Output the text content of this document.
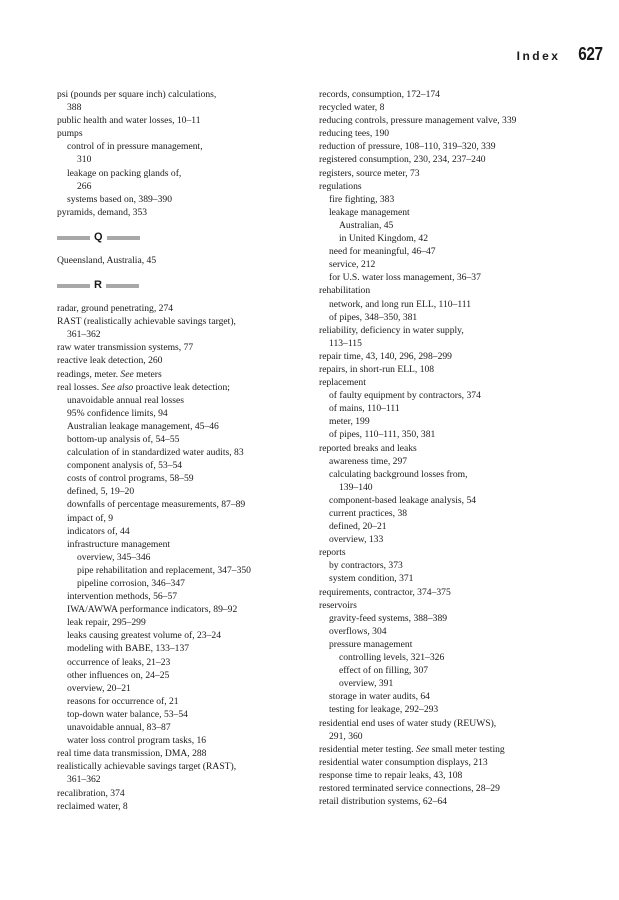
Index 627

psi (pounds per square inch) calculations,

388

public health and water losses, 10–11

pumps

control of in pressure management,

310

leakage on packing glands of,

266

systems based on, 389–390

pyramids, demand, 353

Q

Queensland, Australia, 45

R

radar, ground penetrating, 274

RAST (realistically achievable savings target),

361–362

raw water transmission systems, 77

reactive leak detection, 260

readings, meter. See meters

real losses. See also proactive leak detection;

unavoidable annual real losses

95% confidence limits, 94

Australian leakage management, 45–46

bottom-up analysis of, 54–55

calculation of in standardized water audits, 83

component analysis of, 53–54

costs of control programs, 58–59

defined, 5, 19–20

downfalls of percentage measurements, 87–89

impact of, 9

indicators of, 44

infrastructure management

overview, 345–346

pipe rehabilitation and replacement, 347–350

pipeline corrosion, 346–347

intervention methods, 56–57

IWA/AWWA performance indicators, 89–92

leak repair, 295–299

leaks causing greatest volume of, 23–24

modeling with BABE, 133–137

occurrence of leaks, 21–23

other influences on, 24–25

overview, 20–21

reasons for occurrence of, 21

top-down water balance, 53–54

unavoidable annual, 83–87

water loss control program tasks, 16

real time data transmission, DMA, 288

realistically achievable savings target (RAST),

361–362

recalibration, 374

reclaimed water, 8

records, consumption, 172–174

recycled water, 8

reducing controls, pressure management valve, 339

reducing tees, 190

reduction of pressure, 108–110, 319–320, 339

registered consumption, 230, 234, 237–240

registers, source meter, 73

regulations

fire fighting, 383

leakage management

Australian, 45

in United Kingdom, 42

need for meaningful, 46–47

service, 212

for U.S. water loss management, 36–37

rehabilitation

network, and long run ELL, 110–111

of pipes, 348–350, 381

reliability, deficiency in water supply,

113–115

repair time, 43, 140, 296, 298–299

repairs, in short-run ELL, 108

replacement

of faulty equipment by contractors, 374

of mains, 110–111

meter, 199

of pipes, 110–111, 350, 381

reported breaks and leaks

awareness time, 297

calculating background losses from,

139–140

component-based leakage analysis, 54

current practices, 38

defined, 20–21

overview, 133

reports

by contractors, 373

system condition, 371

requirements, contractor, 374–375

reservoirs

gravity-feed systems, 388–389

overflows, 304

pressure management

controlling levels, 321–326

effect of on filling, 307

overview, 391

storage in water audits, 64

testing for leakage, 292–293

residential end uses of water study (REUWS),

291, 360

residential meter testing. See small meter testing

residential water consumption displays, 213

response time to repair leaks, 43, 108

restored terminated service connections, 28–29

retail distribution systems, 62–64
